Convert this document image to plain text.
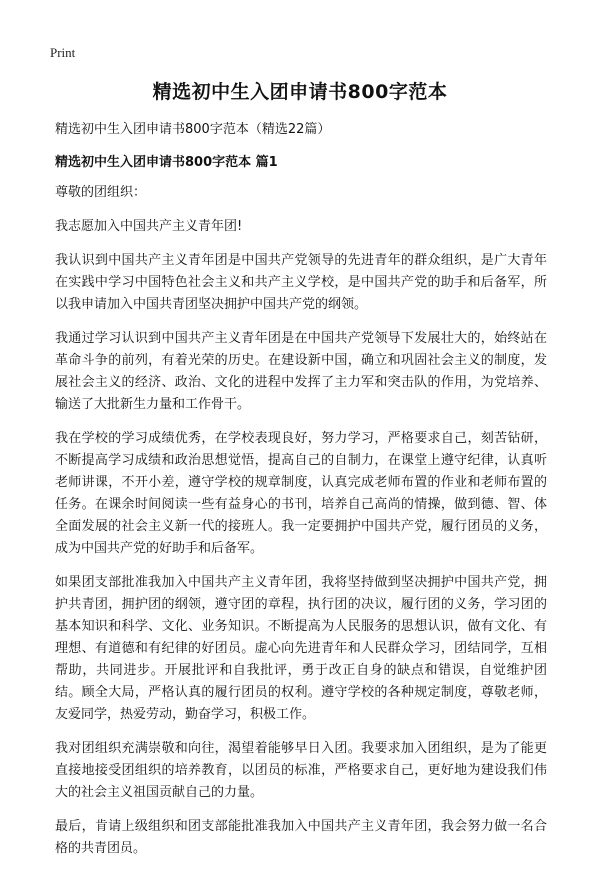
Print
精选初中生入团申请书800字范本

精选初中生入团申请书800字范本（精选22篇）

精选初中生入团申请书800字范本 篇1

尊敬的团组织：

我志愿加入中国共产主义青年团!

我认识到中国共产主义青年团是中国共产党领导的先进青年的群众组织，是广大青年在实践中学习中国特色社会主义和共产主义学校，是中国共产党的助手和后备军，所以我申请加入中国共青团坚决拥护中国共产党的纲领。

我通过学习认识到中国共产主义青年团是在中国共产党领导下发展壮大的，始终站在革命斗争的前列，有着光荣的历史。在建设新中国，确立和巩固社会主义的制度，发展社会主义的经济、政治、文化的进程中发挥了主力军和突击队的作用，为党培养、输送了大批新生力量和工作骨干。

我在学校的学习成绩优秀，在学校表现良好，努力学习，严格要求自己，刻苦钻研，不断提高学习成绩和政治思想觉悟，提高自己的自制力，在课堂上遵守纪律，认真听老师讲课，不开小差，遵守学校的规章制度，认真完成老师布置的作业和老师布置的任务。在课余时间阅读一些有益身心的书刊，培养自己高尚的情操，做到德、智、体全面发展的社会主义新一代的接班人。我一定要拥护中国共产党，履行团员的义务，成为中国共产党的好助手和后备军。

如果团支部批准我加入中国共产主义青年团，我将坚持做到坚决拥护中国共产党，拥护共青团，拥护团的纲领，遵守团的章程，执行团的决议，履行团的义务，学习团的基本知识和科学、文化、业务知识。不断提高为人民服务的思想认识，做有文化、有理想、有道德和有纪律的好团员。虚心向先进青年和人民群众学习，团结同学，互相帮助，共同进步。开展批评和自我批评，勇于改正自身的缺点和错误，自觉维护团结。顾全大局，严格认真的履行团员的权利。遵守学校的各种规定制度，尊敬老师，友爱同学，热爱劳动，勤奋学习，积极工作。

我对团组织充满崇敬和向往，渴望着能够早日入团。我要求加入团组织，是为了能更直接地接受团组织的培养教育，以团员的标准，严格要求自己，更好地为建设我们伟大的社会主义祖国贡献自己的力量。

最后，肯请上级组织和团支部能批准我加入中国共产主义青年团，我会努力做一名合格的共青团员。
